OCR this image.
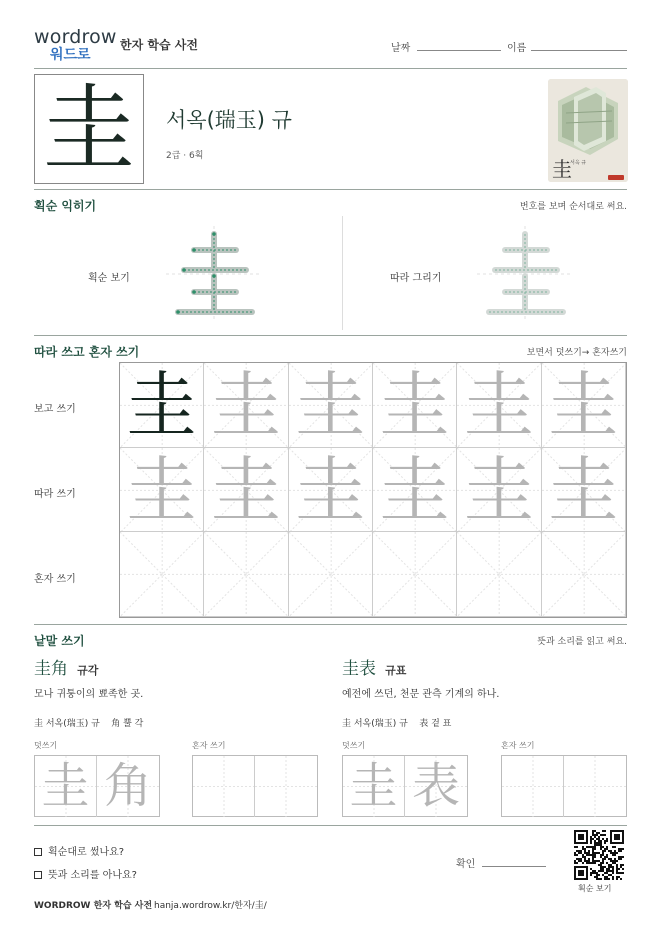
wordrow
워드로
한자 학습 사전	날짜	이름
圭	서옥(瑞玉) 규
2급 · 6획
圭
서옥 규
획순 익히기	번호를 보며 순서대로 써요.
획순 보기	따라 그리기
따라 쓰고 혼자 쓰기	보면서 덧쓰기→ 혼자쓰기
보고 쓰기
따라 쓰기
혼자 쓰기
圭 圭 圭 圭 圭 圭
圭 圭 圭 圭 圭 圭
낱말 쓰기	뜻과 소리를 읽고 써요.
圭角 규각
모나 귀퉁이의 뾰족한 곳.
圭 서옥(瑞玉) 규    角 뿔 각
덧쓰기	혼자 쓰기
圭 角
圭表 규표
예전에 쓰던, 천문 관측 기계의 하나.
圭 서옥(瑞玉) 규    表 겉 표
덧쓰기	혼자 쓰기
圭 表
획순대로 썼나요?
뜻과 소리를 아나요?
확인
획순 보기
WORDROW 한자 학습 사전 hanja.wordrow.kr/한자/圭/
